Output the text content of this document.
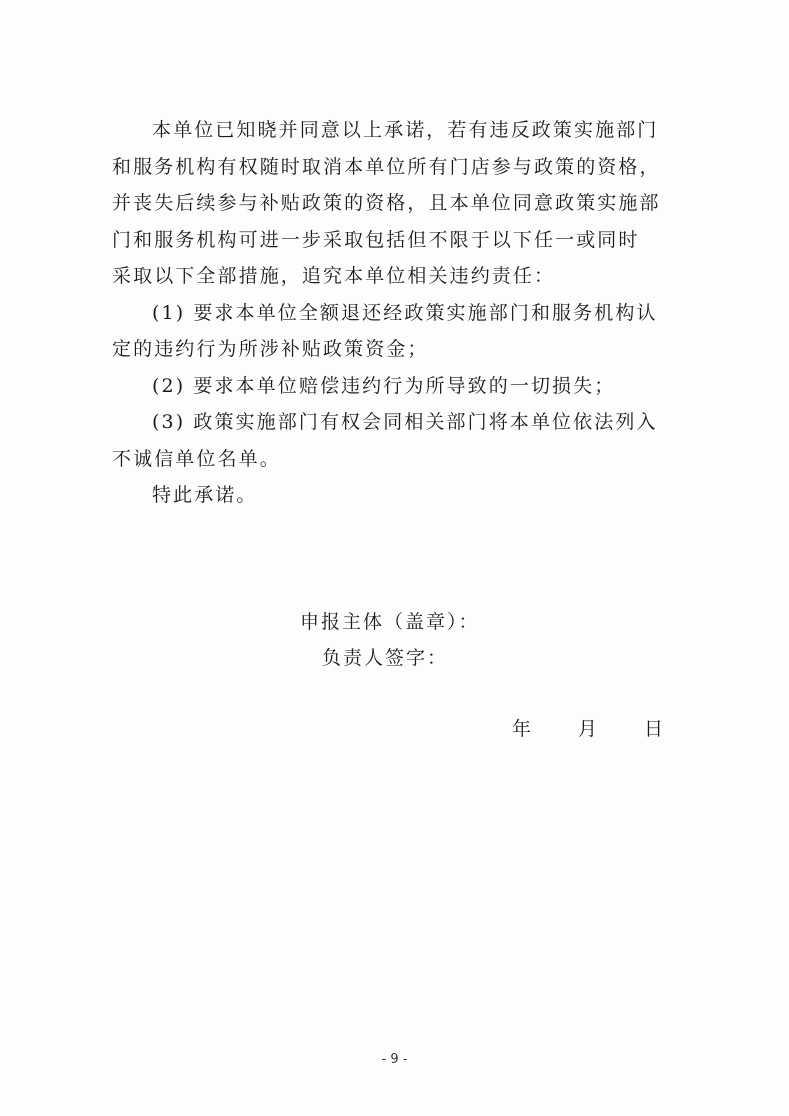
本单位已知晓并同意以上承诺，若有违反政策实施部门
和服务机构有权随时取消本单位所有门店参与政策的资格，
并丧失后续参与补贴政策的资格，且本单位同意政策实施部
门和服务机构可进一步采取包括但不限于以下任一或同时
采取以下全部措施，追究本单位相关违约责任：
(1) 要求本单位全额退还经政策实施部门和服务机构认
定的违约行为所涉补贴政策资金；
(2) 要求本单位赔偿违约行为所导致的一切损失；
(3) 政策实施部门有权会同相关部门将本单位依法列入
不诚信单位名单。
特此承诺。
申报主体（盖章）：
负责人签字：
年 月 日
- 9 -
